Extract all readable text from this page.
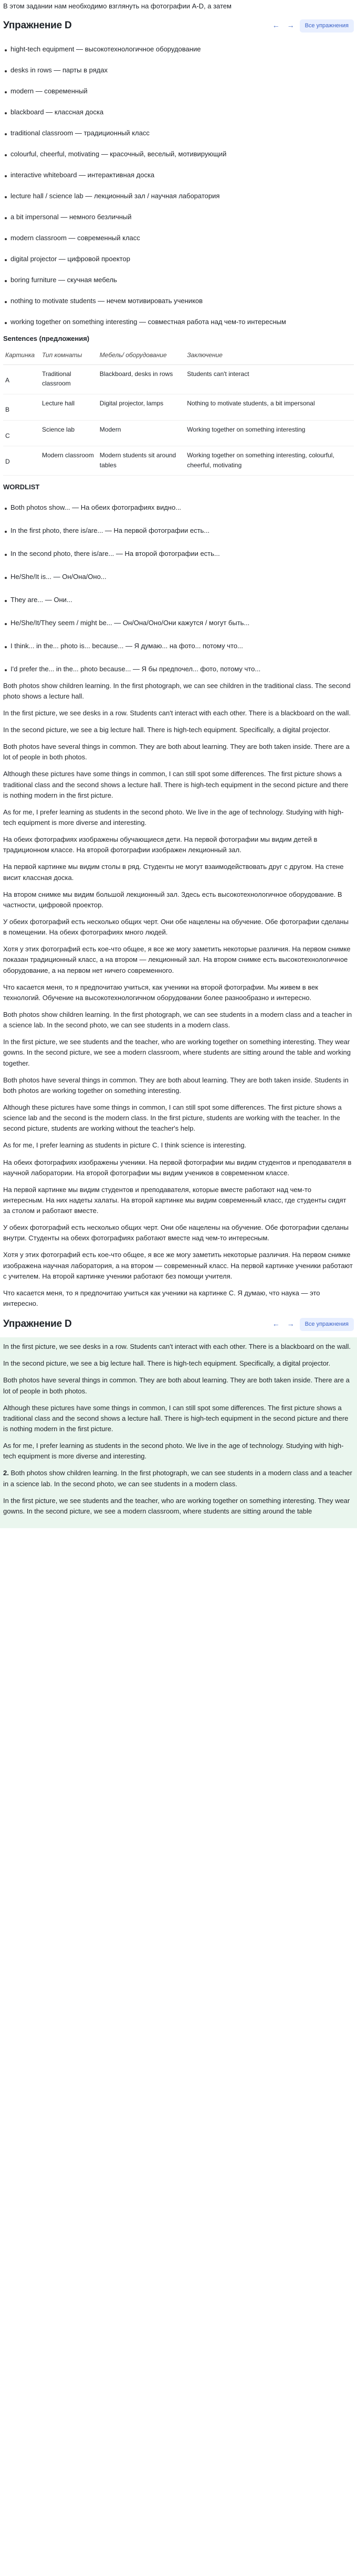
В этом задании нам необходимо взглянуть на фотографии A-D, а затем
Упражнение D	← →	Все упражнения
hight-tech equipment — высокотехнологичное оборудование
desks in rows — парты в рядах
modern — современный
blackboard — классная доска
traditional classroom — традиционный класс
colourful, cheerful, motivating — красочный, веселый, мотивирующий
interactive whiteboard — интерактивная доска
lecture hall / science lab — лекционный зал / научная лаборатория
a bit impersonal — немного безличный
modern classroom — современный класс
digital projector — цифровой проектор
boring furniture — скучная мебель
nothing to motivate students — нечем мотивировать учеников
working together on something interesting — совместная работа над чем-то интересным
Sentences (предложения)
Картинка	Тип комнаты	Мебель/ оборудование	Заключение
A	Traditional classroom	Blackboard, desks in rows	Students can't interact
B	Lecture hall	Digital projector, lamps	Nothing to motivate students, a bit impersonal
C	Science lab	Modern	Working together on something interesting
D	Modern classroom	Modern students sit around tables	Working together on something interesting, colourful, cheerful, motivating
WORDLIST
Both photos show... — На обеих фотографиях видно...
In the first photo, there is/are... — На первой фотографии есть...
In the second photo, there is/are... — На второй фотографии есть...
He/She/It is... — Он/Она/Оно...
They are... — Они...
He/She/It/They seem / might be... — Он/Она/Оно/Они кажутся / могут быть...
I think... in the... photo is... because... — Я думаю... на фото... потому что...
I'd prefer the... in the... photo because... — Я бы предпочел... фото, потому что...
Both photos show children learning. In the first photograph, we can see children in the traditional class. The second photo shows a lecture hall.
In the first picture, we see desks in a row. Students can't interact with each other. There is a blackboard on the wall.
In the second picture, we see a big lecture hall. There is high-tech equipment. Specifically, a digital projector.
Both photos have several things in common. They are both about learning. They are both taken inside. There are a lot of people in both photos.
Although these pictures have some things in common, I can still spot some differences. The first picture shows a traditional class and the second shows a lecture hall. There is high-tech equipment in the second picture and there is nothing modern in the first picture.
As for me, I prefer learning as students in the second photo. We live in the age of technology. Studying with high-tech equipment is more diverse and interesting.
На обеих фотографиях изображены обучающиеся дети. На первой фотографии мы видим детей в традиционном классе. На второй фотографии изображен лекционный зал.
На первой картинке мы видим столы в ряд. Студенты не могут взаимодействовать друг с другом. На стене висит классная доска.
На втором снимке мы видим большой лекционный зал. Здесь есть высокотехнологичное оборудование. В частности, цифровой проектор.
У обеих фотографий есть несколько общих черт. Они обе нацелены на обучение. Обе фотографии сделаны в помещении. На обеих фотографиях много людей.
Хотя у этих фотографий есть кое-что общее, я все же могу заметить некоторые различия. На первом снимке показан традиционный класс, а на втором — лекционный зал. На втором снимке есть высокотехнологичное оборудование, а на первом нет ничего современного.
Что касается меня, то я предпочитаю учиться, как ученики на второй фотографии. Мы живем в век технологий. Обучение на высокотехнологичном оборудовании более разнообразно и интересно.
Both photos show children learning. In the first photograph, we can see students in a modern class and a teacher in a science lab. In the second photo, we can see students in a modern class.
In the first picture, we see students and the teacher, who are working together on something interesting. They wear gowns. In the second picture, we see a modern classroom, where students are sitting around the table and working together.
Both photos have several things in common. They are both about learning. They are both taken inside. Students in both photos are working together on something interesting.
Although these pictures have some things in common, I can still spot some differences. The first picture shows a science lab and the second is the modern class. In the first picture, students are working with the teacher. In the second picture, students are working without the teacher's help.
As for me, I prefer learning as students in picture C. I think science is interesting.
На обеих фотографиях изображены ученики. На первой фотографии мы видим студентов и преподавателя в научной лаборатории. На второй фотографии мы видим учеников в современном классе.
На первой картинке мы видим студентов и преподавателя, которые вместе работают над чем-то интересным. На них надеты халаты. На второй картинке мы видим современный класс, где студенты сидят за столом и работают вместе.
У обеих фотографий есть несколько общих черт. Они обе нацелены на обучение. Обе фотографии сделаны внутри. Студенты на обеих фотографиях работают вместе над чем-то интересным.
Хотя у этих фотографий есть кое-что общее, я все же могу заметить некоторые различия. На первом снимке изображена научная лаборатория, а на втором — современный класс. На первой картинке ученики работают с учителем. На второй картинке ученики работают без помощи учителя.
Что касается меня, то я предпочитаю учиться как ученики на картинке C. Я думаю, что наука — это интересно.
Упражнение D	← →	Все упражнения
In the first picture, we see desks in a row. Students can't interact with each other. There is a blackboard on the wall.
In the second picture, we see a big lecture hall. There is high-tech equipment. Specifically, a digital projector.
Both photos have several things in common. They are both about learning. They are both taken inside. There are a lot of people in both photos.
Although these pictures have some things in common, I can still spot some differences. The first picture shows a traditional class and the second shows a lecture hall. There is high-tech equipment in the second picture and there is nothing modern in the first picture.
As for me, I prefer learning as students in the second photo. We live in the age of technology. Studying with high-tech equipment is more diverse and interesting.
2. Both photos show children learning. In the first photograph, we can see students in a modern class and a teacher in a science lab. In the second photo, we can see students in a modern class.
In the first picture, we see students and the teacher, who are working together on something interesting. They wear gowns. In the second picture, we see a modern classroom, where students are sitting around the table
